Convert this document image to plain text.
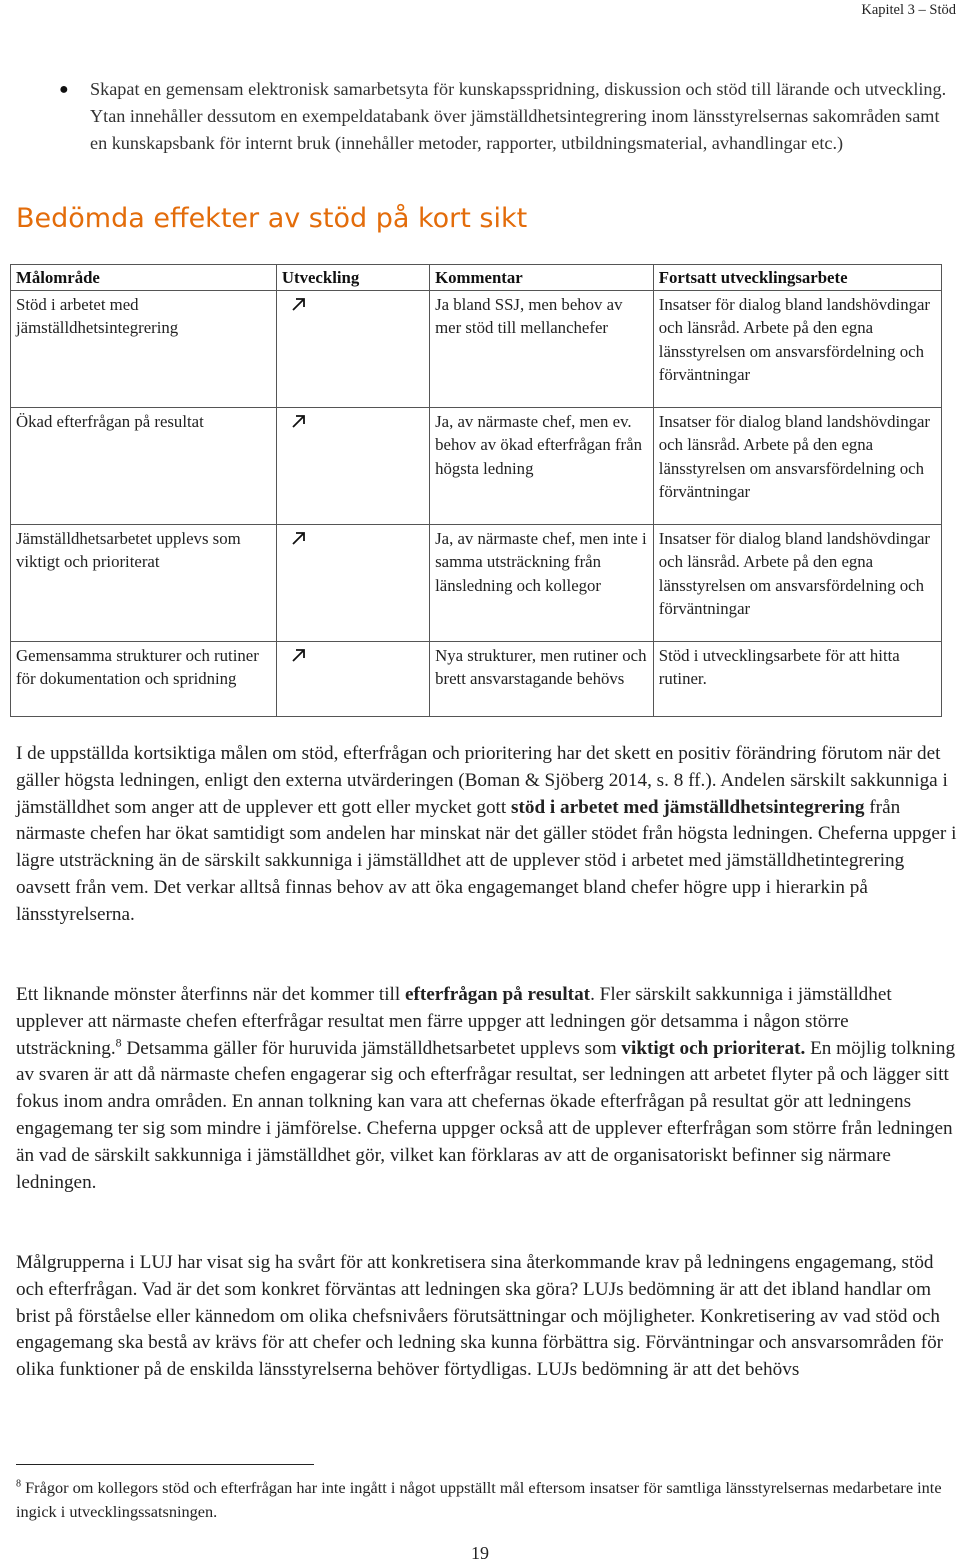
Kapitel 3 – Stöd
● Skapat en gemensam elektronisk samarbetsyta för kunskapsspridning, diskussion och stöd till lärande och utveckling. Ytan innehåller dessutom en exempeldatabank över jämställdhetsintegrering inom länsstyrelsernas sakområden samt en kunskapsbank för internt bruk (innehåller metoder, rapporter, utbildningsmaterial, avhandlingar etc.)
Bedömda effekter av stöd på kort sikt
Målområde	Utveckling	Kommentar	Fortsatt utvecklingsarbete
Stöd i arbetet med jämställdhetsintegrering		Ja bland SSJ, men behov av mer stöd till mellanchefer	Insatser för dialog bland landshövdingar och länsråd. Arbete på den egna länsstyrelsen om ansvarsfördelning och förväntningar
Ökad efterfrågan på resultat		Ja, av närmaste chef, men ev. behov av ökad efterfrågan från högsta ledning	Insatser för dialog bland landshövdingar och länsråd. Arbete på den egna länsstyrelsen om ansvarsfördelning och förväntningar
Jämställdhetsarbetet upplevs som viktigt och prioriterat		Ja, av närmaste chef, men inte i samma utsträckning från länsledning och kollegor	Insatser för dialog bland landshövdingar och länsråd. Arbete på den egna länsstyrelsen om ansvarsfördelning och förväntningar
Gemensamma strukturer och rutiner för dokumentation och spridning		Nya strukturer, men rutiner och brett ansvarstagande behövs	Stöd i utvecklingsarbete för att hitta rutiner.

I de uppställda kortsiktiga målen om stöd, efterfrågan och prioritering har det skett en positiv förändring förutom när det gäller högsta ledningen, enligt den externa utvärderingen (Boman & Sjöberg 2014, s. 8 ff.). Andelen särskilt sakkunniga i jämställdhet som anger att de upplever ett gott eller mycket gott stöd i arbetet med jämställdhetsintegrering från närmaste chefen har ökat samtidigt som andelen har minskat när det gäller stödet från högsta ledningen. Cheferna uppger i lägre utsträckning än de särskilt sakkunniga i jämställdhet att de upplever stöd i arbetet med jämställdhetintegrering oavsett från vem. Det verkar alltså finnas behov av att öka engagemanget bland chefer högre upp i hierarkin på länsstyrelserna.

Ett liknande mönster återfinns när det kommer till efterfrågan på resultat. Fler särskilt sakkunniga i jämställdhet upplever att närmaste chefen efterfrågar resultat men färre uppger att ledningen gör detsamma i någon större utsträckning.$^8$ Detsamma gäller för huruvida jämställdhetsarbetet upplevs som viktigt och prioriterat. En möjlig tolkning av svaren är att då närmaste chefen engagerar sig och efterfrågar resultat, ser ledningen att arbetet flyter på och lägger sitt fokus inom andra områden. En annan tolkning kan vara att chefernas ökade efterfrågan på resultat gör att ledningens engagemang ter sig som mindre i jämförelse. Cheferna uppger också att de upplever efterfrågan som större från ledningen än vad de särskilt sakkunniga i jämställdhet gör, vilket kan förklaras av att de organisatoriskt befinner sig närmare ledningen.

Målgrupperna i LUJ har visat sig ha svårt för att konkretisera sina återkommande krav på ledningens engagemang, stöd och efterfrågan. Vad är det som konkret förväntas att ledningen ska göra? LUJs bedömning är att det ibland handlar om brist på förståelse eller kännedom om olika chefsnivåers förutsättningar och möjligheter. Konkretisering av vad stöd och engagemang ska bestå av krävs för att chefer och ledning ska kunna förbättra sig. Förväntningar och ansvarsområden för olika funktioner på de enskilda länsstyrelserna behöver förtydligas. LUJs bedömning är att det behövs

$^8$ Frågor om kollegors stöd och efterfrågan har inte ingått i något uppställt mål eftersom insatser för samtliga länsstyrelsernas medarbetare inte ingick i utvecklingssatsningen.

19
